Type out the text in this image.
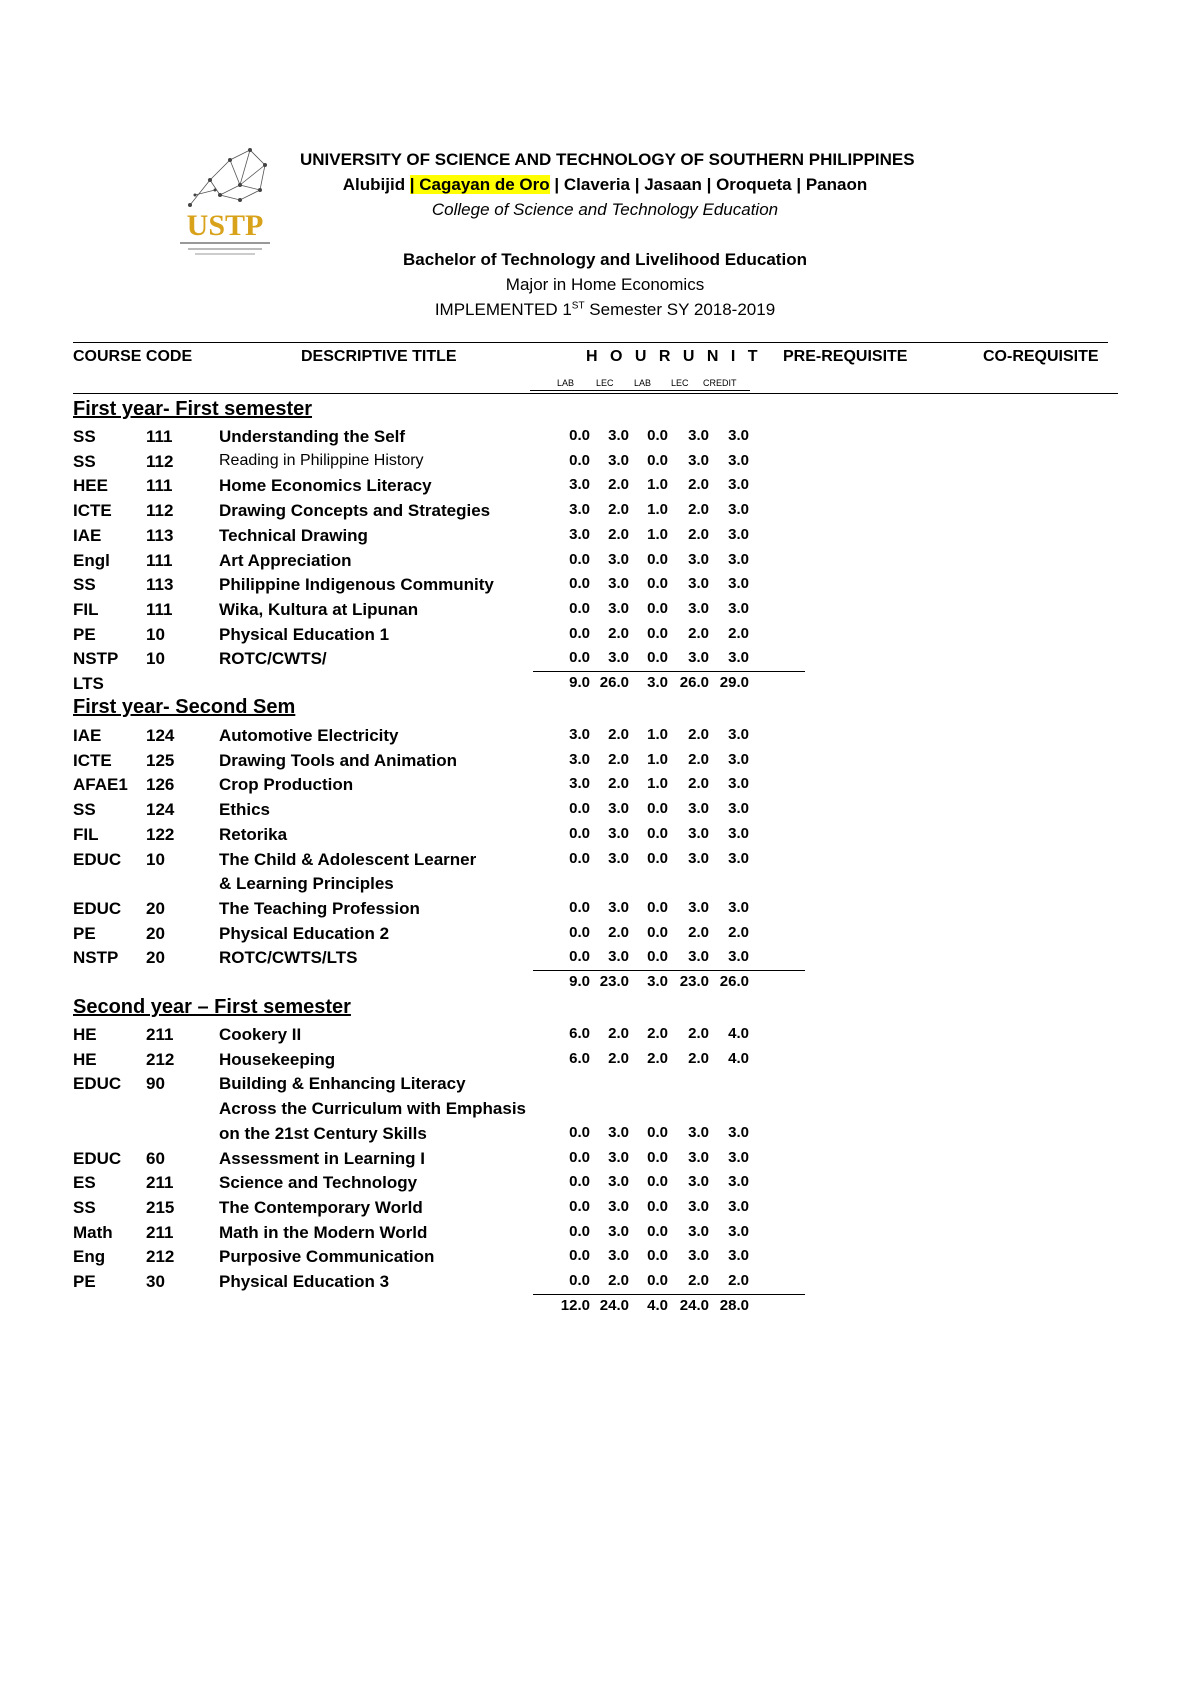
USTP
UNIVERSITY OF SCIENCE AND TECHNOLOGY OF SOUTHERN PHILIPPINES
Alubijid | Cagayan de Oro | Claveria | Jasaan | Oroqueta | Panaon
College of Science and Technology Education
Bachelor of Technology and Livelihood Education
Major in Home Economics
IMPLEMENTED 1ST Semester SY 2018-2019
COURSE CODE	DESCRIPTIVE TITLE	H O U R U N I T PRE-REQUISITE	CO-REQUISITE
LAB LEC LAB LEC CREDIT
First year- First semester
SS	111	Understanding the Self	0.0	3.0	0.0	3.0	3.0
SS	112	Reading in Philippine History	0.0	3.0	0.0	3.0	3.0
HEE 111	Home Economics Literacy	3.0	2.0	1.0	2.0	3.0
ICTE 112	Drawing Concepts and Strategies	3.0	2.0	1.0	2.0	3.0
IAE	113	Technical Drawing	3.0	2.0	1.0	2.0	3.0
Engl 111	Art Appreciation	0.0	3.0	0.0	3.0	3.0
SS	113	Philippine Indigenous Community	0.0	3.0	0.0	3.0	3.0
FIL	111	Wika, Kultura at Lipunan	0.0	3.0	0.0	3.0	3.0
PE	10	Physical Education 1	0.0	2.0	0.0	2.0	2.0
NSTP 10	ROTC/CWTS/	0.0	3.0	0.0	3.0	3.0
LTS	9.0 26.0	3.0 26.0 29.0
First year- Second Sem
IAE	124	Automotive Electricity	3.0	2.0	1.0	2.0	3.0
ICTE 125	Drawing Tools and Animation	3.0	2.0	1.0	2.0	3.0
AFAE1 126	Crop Production	3.0	2.0	1.0	2.0	3.0
SS	124	Ethics	0.0	3.0	0.0	3.0	3.0
FIL	122	Retorika	0.0	3.0	0.0	3.0	3.0
EDUC 10	The Child & Adolescent Learner	0.0	3.0	0.0	3.0	3.0
& Learning Principles
EDUC 20	The Teaching Profession	0.0	3.0	0.0	3.0	3.0
PE	20	Physical Education 2	0.0	2.0	0.0	2.0	2.0
NSTP 20	ROTC/CWTS/LTS	0.0	3.0	0.0	3.0	3.0
9.0 23.0	3.0 23.0 26.0
Second year – First semester
HE	211	Cookery II	6.0	2.0	2.0	2.0	4.0
HE	212	Housekeeping	6.0	2.0	2.0	2.0	4.0
EDUC 90	Building & Enhancing Literacy
Across the Curriculum with Emphasis
on the 21st Century Skills	0.0	3.0	0.0	3.0	3.0
EDUC 60	Assessment in Learning I	0.0	3.0	0.0	3.0	3.0
ES	211	Science and Technology	0.0	3.0	0.0	3.0	3.0
SS	215	The Contemporary World	0.0	3.0	0.0	3.0	3.0
Math 211	Math in the Modern World	0.0	3.0	0.0	3.0	3.0
Eng 212	Purposive Communication	0.0	3.0	0.0	3.0	3.0
PE	30	Physical Education 3	0.0	2.0	0.0	2.0	2.0
12.0 24.0	4.0 24.0 28.0
